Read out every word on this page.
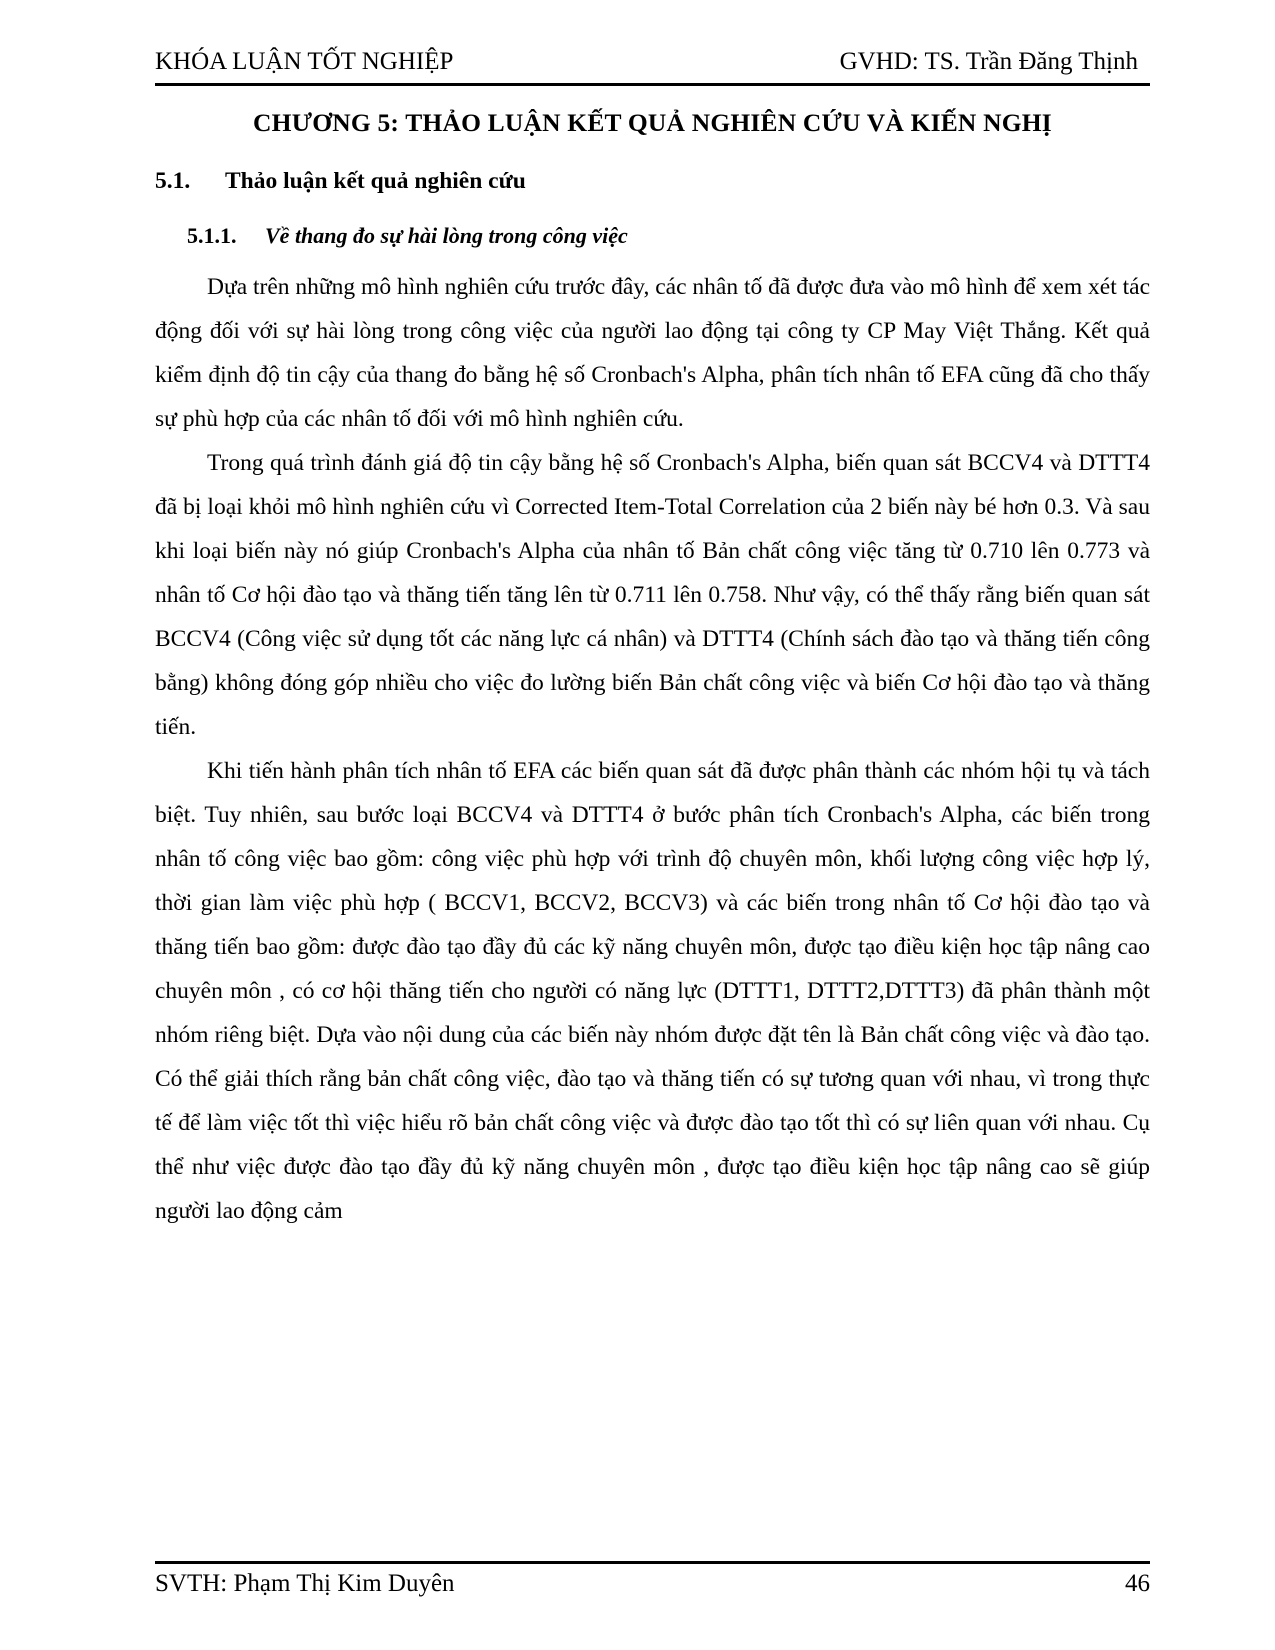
KHÓA LUẬN TỐT NGHIỆP	GVHD: TS. Trần Đăng Thịnh
CHƯƠNG 5: THẢO LUẬN KẾT QUẢ NGHIÊN CỨU VÀ KIẾN NGHỊ
5.1.	Thảo luận kết quả nghiên cứu
5.1.1.	Về thang đo sự hài lòng trong công việc

Dựa trên những mô hình nghiên cứu trước đây, các nhân tố đã được đưa vào mô hình để xem xét tác động đối với sự hài lòng trong công việc của người lao động tại công ty CP May Việt Thắng. Kết quả kiểm định độ tin cậy của thang đo bằng hệ số Cronbach's Alpha, phân tích nhân tố EFA cũng đã cho thấy sự phù hợp của các nhân tố đối với mô hình nghiên cứu.

Trong quá trình đánh giá độ tin cậy bằng hệ số Cronbach's Alpha, biến quan sát BCCV4 và DTTT4 đã bị loại khỏi mô hình nghiên cứu vì Corrected Item-Total Correlation của 2 biến này bé hơn 0.3. Và sau khi loại biến này nó giúp Cronbach's Alpha của nhân tố Bản chất công việc tăng từ 0.710 lên 0.773 và nhân tố Cơ hội đào tạo và thăng tiến tăng lên từ 0.711 lên 0.758. Như vậy, có thể thấy rằng biến quan sát BCCV4 (Công việc sử dụng tốt các năng lực cá nhân) và DTTT4 (Chính sách đào tạo và thăng tiến công bằng) không đóng góp nhiều cho việc đo lường biến Bản chất công việc và biến Cơ hội đào tạo và thăng tiến.

Khi tiến hành phân tích nhân tố EFA các biến quan sát đã được phân thành các nhóm hội tụ và tách biệt. Tuy nhiên, sau bước loại BCCV4 và DTTT4 ở bước phân tích Cronbach's Alpha, các biến trong nhân tố công việc bao gồm: công việc phù hợp với trình độ chuyên môn, khối lượng công việc hợp lý, thời gian làm việc phù hợp ( BCCV1, BCCV2, BCCV3) và các biến trong nhân tố Cơ hội đào tạo và thăng tiến bao gồm: được đào tạo đầy đủ các kỹ năng chuyên môn, được tạo điều kiện học tập nâng cao chuyên môn , có cơ hội thăng tiến cho người có năng lực (DTTT1, DTTT2,DTTT3) đã phân thành một nhóm riêng biệt. Dựa vào nội dung của các biến này nhóm được đặt tên là Bản chất công việc và đào tạo. Có thể giải thích rằng bản chất công việc, đào tạo và thăng tiến có sự tương quan với nhau, vì trong thực tế để làm việc tốt thì việc hiểu rõ bản chất công việc và được đào tạo tốt thì có sự liên quan với nhau. Cụ thể như việc được đào tạo đầy đủ kỹ năng chuyên môn , được tạo điều kiện học tập nâng cao sẽ giúp người lao động cảm

SVTH: Phạm Thị Kim Duyên	46
